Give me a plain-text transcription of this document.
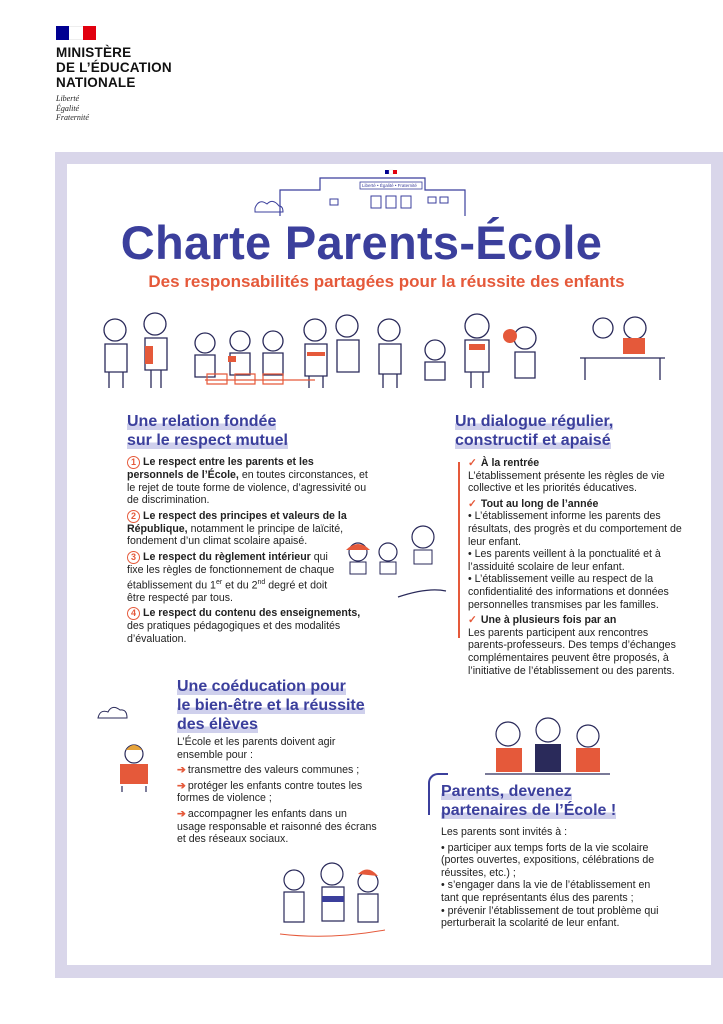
MINISTÈRE
DE L’ÉDUCATION
NATIONALE
Liberté
Égalité
Fraternité
Liberté • Égalité • Fraternité
Charte Parents-École
Des responsabilités partagées pour la réussite des enfants
Une relation fondée
sur le respect mutuel

1 Le respect entre les parents et les personnels de l’École, en toutes circonstances, et le rejet de toute forme de violence, d’agressivité ou de discrimination.

2 Le respect des principes et valeurs de la République, notamment le principe de laïcité, fondement d’un climat scolaire apaisé.

3 Le respect du règlement intérieur qui fixe les règles de fonctionnement de chaque établissement du 1er et du 2nd degré et doit être respecté par tous.

4 Le respect du contenu des enseignements, des pratiques pédagogiques et des modalités d’évaluation.

Un dialogue régulier,
constructif et apaisé

✓ À la rentrée
L’établissement présente les règles de vie collective et les priorités éducatives.

✓ Tout au long de l’année
• L’établissement informe les parents des résultats, des progrès et du comportement de leur enfant.
• Les parents veillent à la ponctualité et à l’assiduité scolaire de leur enfant.
• L’établissement veille au respect de la confidentialité des informations et données personnelles transmises par les familles.

✓ Une à plusieurs fois par an
Les parents participent aux rencontres parents-professeurs. Des temps d’échanges complémentaires peuvent être proposés, à l’initiative de l’établissement ou des parents.

Une coéducation pour
le bien-être et la réussite
des élèves

L’École et les parents doivent agir ensemble pour :

➔ transmettre des valeurs communes ;

➔ protéger les enfants contre toutes les formes de violence ;

➔ accompagner les enfants dans un usage responsable et raisonné des écrans et des réseaux sociaux.

Parents, devenez
partenaires de l’École !

Les parents sont invités à :

• participer aux temps forts de la vie scolaire (portes ouvertes, expositions, célébrations de réussites, etc.) ;

• s’engager dans la vie de l’établissement en tant que représentants élus des parents ;

• prévenir l’établissement de tout problème qui perturberait la scolarité de leur enfant.
